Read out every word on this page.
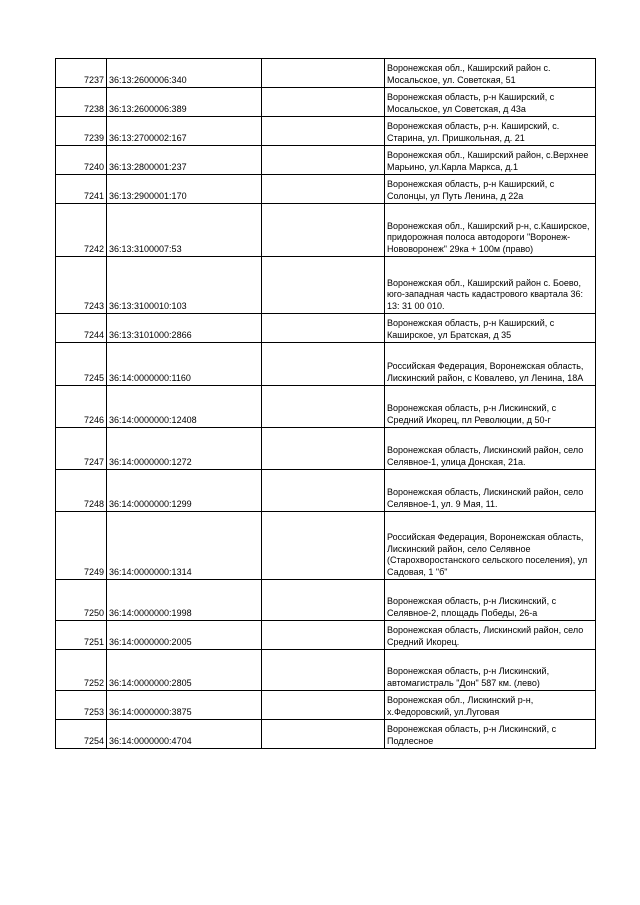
7237	36:13:2600006:340		Воронежская обл., Каширский район с. Мосальское, ул. Советская, 51
7238	36:13:2600006:389		Воронежская область, р-н Каширский, с Мосальское, ул Советская, д 43а
7239	36:13:2700002:167		Воронежская область, р-н. Каширский, с. Старина, ул. Пришкольная, д. 21
7240	36:13:2800001:237		Воронежская обл., Каширский район, с.Верхнее Марьино, ул.Карла Маркса, д.1
7241	36:13:2900001:170		Воронежская область, р-н Каширский, с Солонцы, ул Путь Ленина, д 22а
7242	36:13:3100007:53		Воронежская обл., Каширский р-н, с.Каширское, придорожная полоса автодороги "Воронеж-Нововоронеж" 29ка + 100м (право)
7243	36:13:3100010:103		Воронежская обл., Каширский район с. Боево, юго-западная часть кадастрового квартала 36: 13: 31 00 010.
7244	36:13:3101000:2866		Воронежская область, р-н Каширский, с Каширское, ул Братская, д 35
7245	36:14:0000000:1160		Российская Федерация, Воронежская область, Лискинский район, с Ковалево, ул Ленина, 18А
7246	36:14:0000000:12408		Воронежская область, р-н Лискинский, с Средний Икорец, пл Революции, д 50-г
7247	36:14:0000000:1272		Воронежская область, Лискинский район, село Селявное-1, улица Донская, 21а.
7248	36:14:0000000:1299		Воронежская область, Лискинский район, село Селявное-1, ул. 9 Мая, 11.
7249	36:14:0000000:1314		Российская Федерация, Воронежская область, Лискинский район, село Селявное (Старохворостанского сельского поселения), ул Садовая, 1 "б"
7250	36:14:0000000:1998		Воронежская область, р-н Лискинский, с Селявное-2, площадь Победы, 26-а
7251	36:14:0000000:2005		Воронежская область, Лискинский район, село Средний Икорец.
7252	36:14:0000000:2805		Воронежская область, р-н Лискинский, автомагистраль "Дон" 587 км. (лево)
7253	36:14:0000000:3875		Воронежская обл., Лискинский р-н, х.Федоровский, ул.Луговая
7254	36:14:0000000:4704		Воронежская область, р-н Лискинский, с Подлесное
